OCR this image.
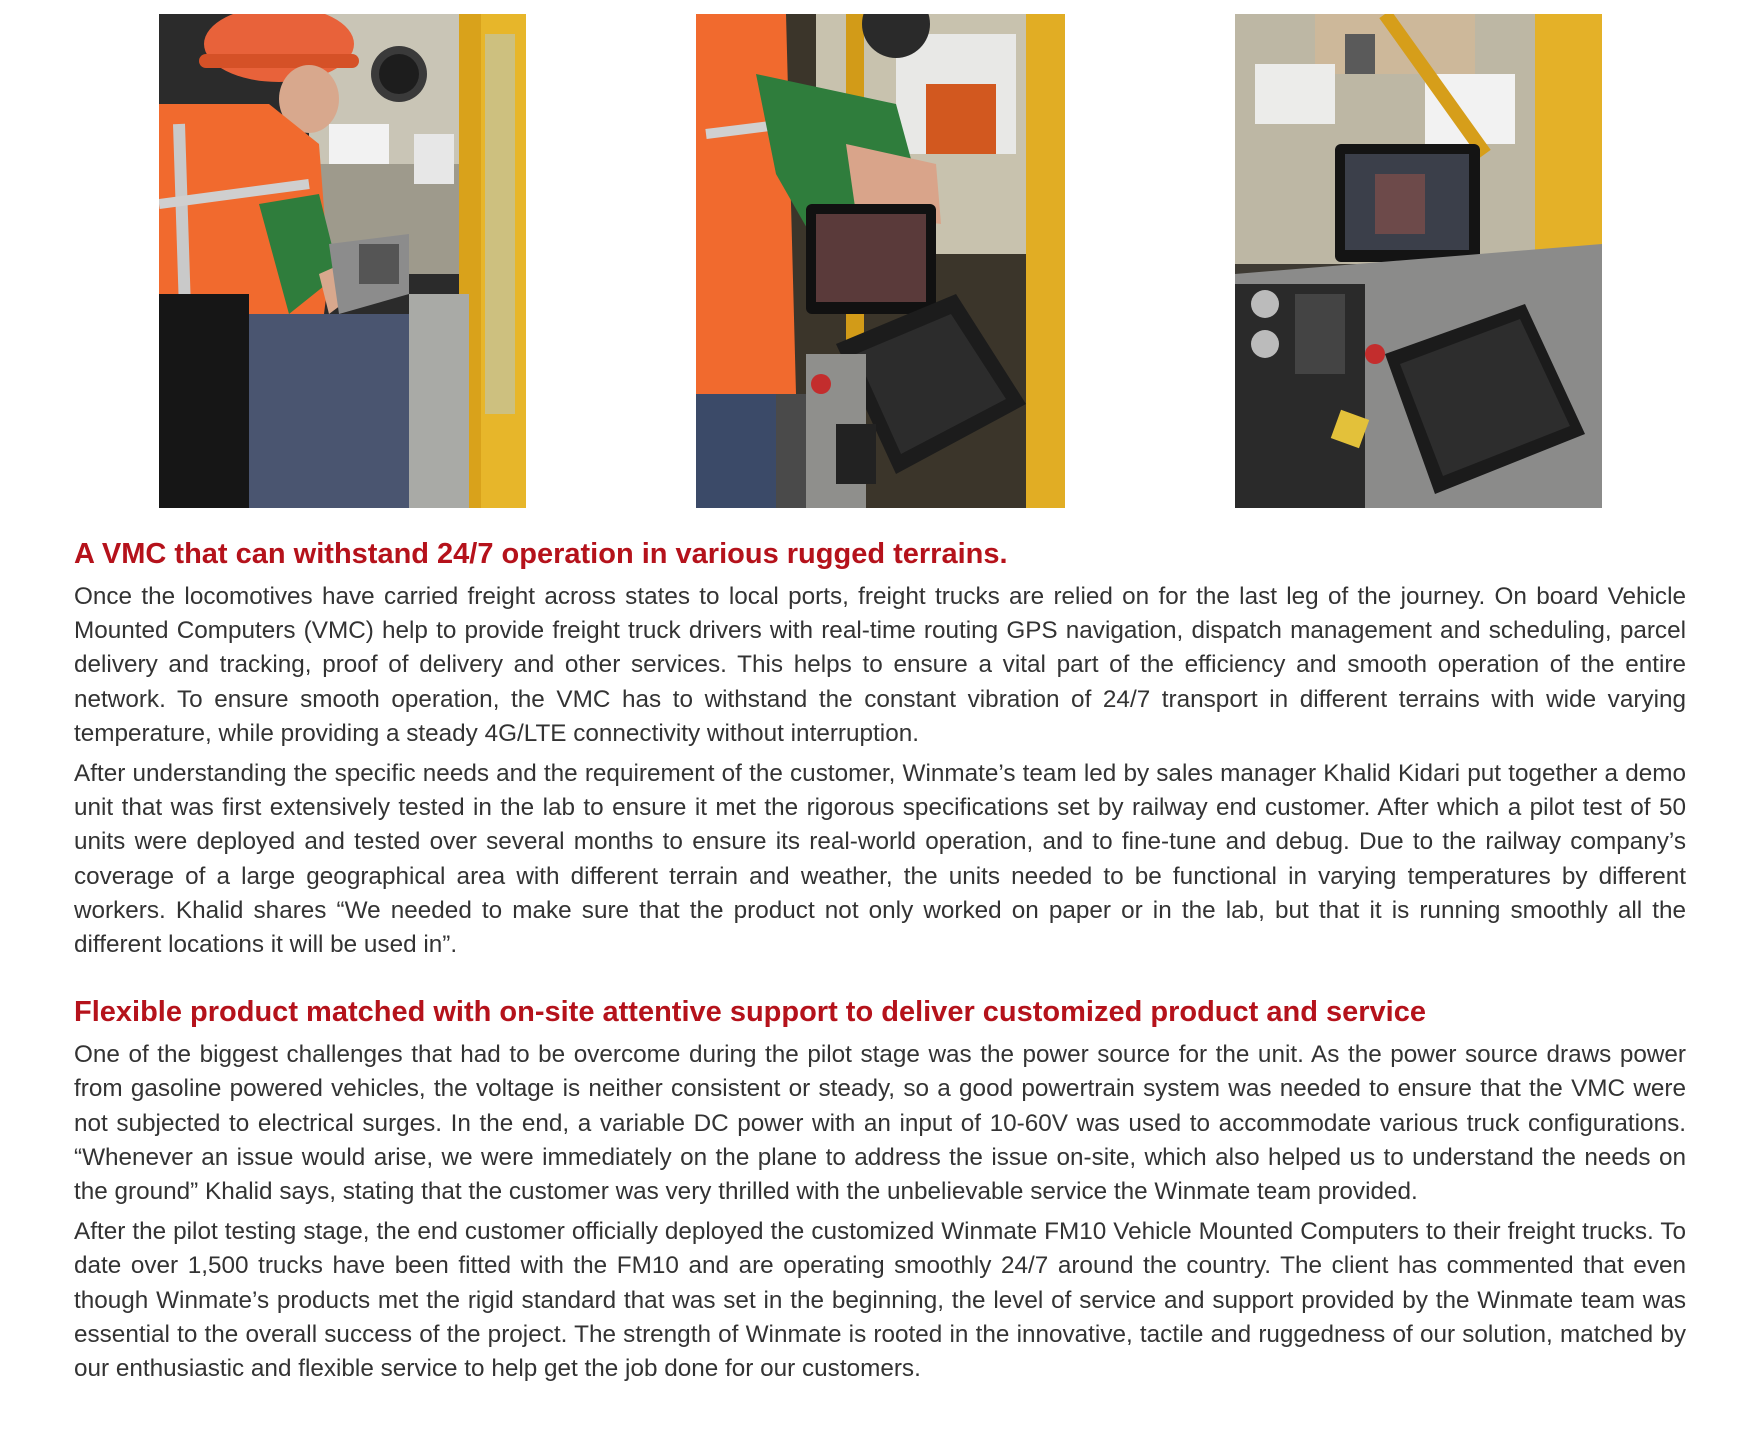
A VMC that can withstand 24/7 operation in various rugged terrains.

Once the locomotives have carried freight across states to local ports, freight trucks are relied on for the last leg of the journey. On board Vehicle Mounted Computers (VMC) help to provide freight truck drivers with real-time routing GPS navigation, dispatch management and scheduling, parcel delivery and tracking, proof of delivery and other services. This helps to ensure a vital part of the efficiency and smooth operation of the entire network. To ensure smooth operation, the VMC has to withstand the constant vibration of 24/7 transport in different terrains with wide varying temperature, while providing a steady 4G/LTE connectivity without interruption.

After understanding the specific needs and the requirement of the customer, Winmate’s team led by sales manager Khalid Kidari put together a demo unit that was first extensively tested in the lab to ensure it met the rigorous specifications set by railway end customer. After which a pilot test of 50 units were deployed and tested over several months to ensure its real-world operation, and to fine-tune and debug. Due to the railway company’s coverage of a large geographical area with different terrain and weather, the units needed to be functional in varying temperatures by different workers. Khalid shares “We needed to make sure that the product not only worked on paper or in the lab, but that it is running smoothly all the different locations it will be used in”.

Flexible product matched with on-site attentive support to deliver customized product and service

One of the biggest challenges that had to be overcome during the pilot stage was the power source for the unit. As the power source draws power from gasoline powered vehicles, the voltage is neither consistent or steady, so a good powertrain system was needed to ensure that the VMC were not subjected to electrical surges. In the end, a variable DC power with an input of 10-60V was used to accommodate various truck configurations. “Whenever an issue would arise, we were immediately on the plane to address the issue on-site, which also helped us to understand the needs on the ground” Khalid says, stating that the customer was very thrilled with the unbelievable service the Winmate team provided.

After the pilot testing stage, the end customer officially deployed the customized Winmate FM10 Vehicle Mounted Computers to their freight trucks. To date over 1,500 trucks have been fitted with the FM10 and are operating smoothly 24/7 around the country. The client has commented that even though Winmate’s products met the rigid standard that was set in the beginning, the level of service and support provided by the Winmate team was essential to the overall success of the project. The strength of Winmate is rooted in the innovative, tactile and ruggedness of our solution, matched by our enthusiastic and flexible service to help get the job done for our customers.
